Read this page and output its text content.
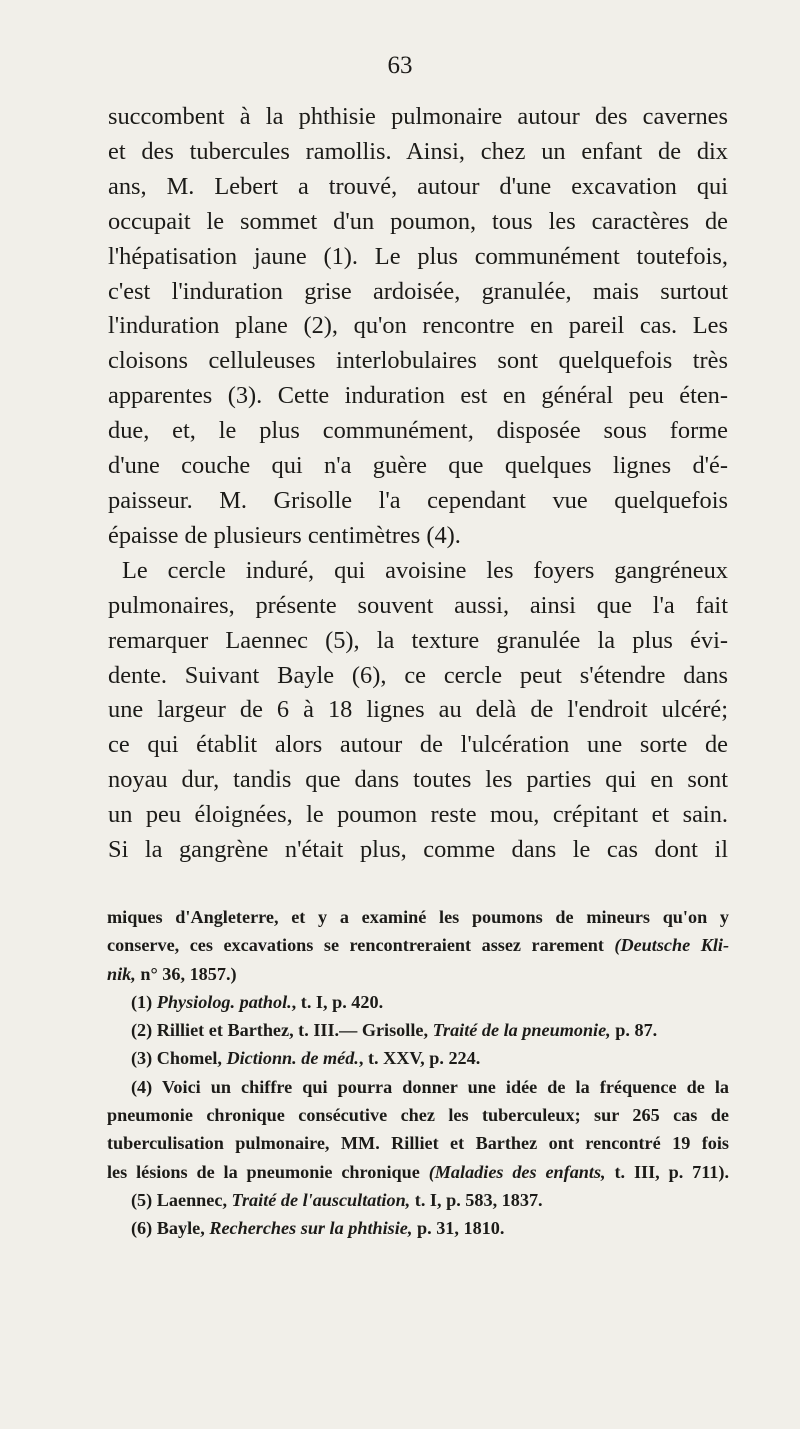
63
succombent à la phthisie pulmonaire autour des cavernes
et des tubercules ramollis. Ainsi, chez un enfant de dix
ans, M. Lebert a trouvé, autour d'une excavation qui
occupait le sommet d'un poumon, tous les caractères de
l'hépatisation jaune (1). Le plus communément toutefois,
c'est l'induration grise ardoisée, granulée, mais surtout
l'induration plane (2), qu'on rencontre en pareil cas. Les
cloisons celluleuses interlobulaires sont quelquefois très
apparentes (3). Cette induration est en général peu éten-
due, et, le plus communément, disposée sous forme
d'une couche qui n'a guère que quelques lignes d'é-
paisseur. M. Grisolle l'a cependant vue quelquefois
épaisse de plusieurs centimètres (4).
Le cercle induré, qui avoisine les foyers gangréneux
pulmonaires, présente souvent aussi, ainsi que l'a fait
remarquer Laennec (5), la texture granulée la plus évi-
dente. Suivant Bayle (6), ce cercle peut s'étendre dans
une largeur de 6 à 18 lignes au delà de l'endroit ulcéré;
ce qui établit alors autour de l'ulcération une sorte de
noyau dur, tandis que dans toutes les parties qui en sont
un peu éloignées, le poumon reste mou, crépitant et sain.
Si la gangrène n'était plus, comme dans le cas dont il
miques d'Angleterre, et y a examiné les poumons de mineurs qu'on y
conserve, ces excavations se rencontreraient assez rarement (Deutsche Kli-
nik, n° 36, 1857.)
(1) Physiolog. pathol., t. I, p. 420.
(2) Rilliet et Barthez, t. III.— Grisolle, Traité de la pneumonie, p. 87.
(3) Chomel, Dictionn. de méd., t. XXV, p. 224.
(4) Voici un chiffre qui pourra donner une idée de la fréquence de la
pneumonie chronique consécutive chez les tuberculeux; sur 265 cas de
tuberculisation pulmonaire, MM. Rilliet et Barthez ont rencontré 19 fois
les lésions de la pneumonie chronique (Maladies des enfants, t. III, p. 711).
(5) Laennec, Traité de l'auscultation, t. I, p. 583, 1837.
(6) Bayle, Recherches sur la phthisie, p. 31, 1810.
